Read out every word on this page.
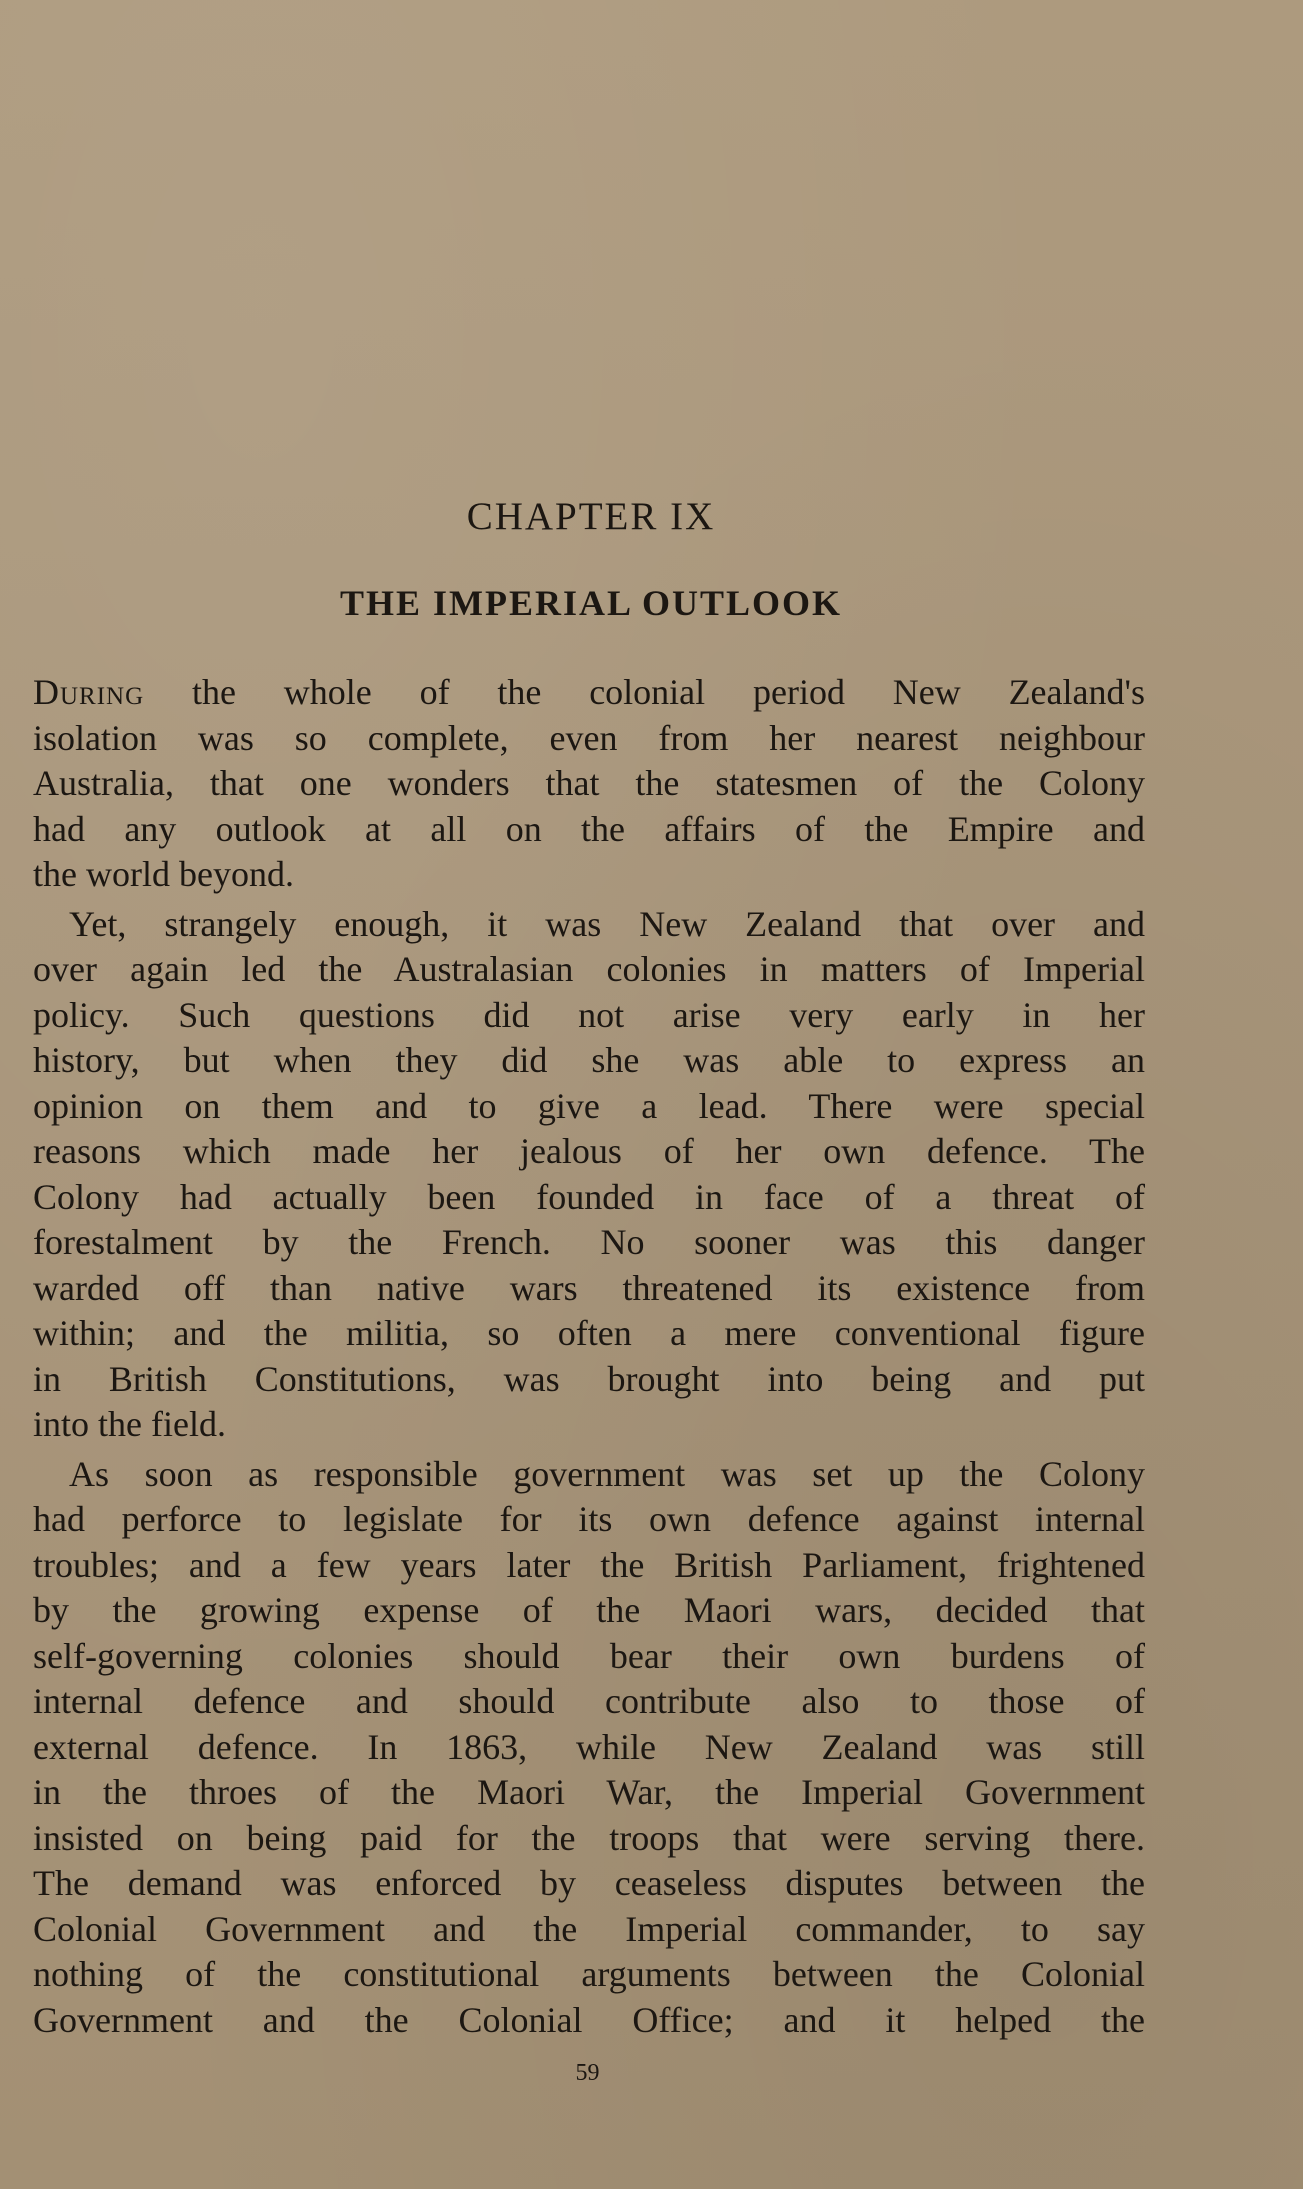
CHAPTER IX
THE IMPERIAL OUTLOOK

During the whole of the colonial period New Zealand's
isolation was so complete, even from her nearest neighbour
Australia, that one wonders that the statesmen of the Colony
had any outlook at all on the affairs of the Empire and
the world beyond.

Yet, strangely enough, it was New Zealand that over and
over again led the Australasian colonies in matters of Imperial
policy. Such questions did not arise very early in her
history, but when they did she was able to express an
opinion on them and to give a lead. There were special
reasons which made her jealous of her own defence. The
Colony had actually been founded in face of a threat of
forestalment by the French. No sooner was this danger
warded off than native wars threatened its existence from
within; and the militia, so often a mere conventional figure
in British Constitutions, was brought into being and put
into the field.

As soon as responsible government was set up the Colony
had perforce to legislate for its own defence against internal
troubles; and a few years later the British Parliament, frightened
by the growing expense of the Maori wars, decided that
self-governing colonies should bear their own burdens of
internal defence and should contribute also to those of
external defence. In 1863, while New Zealand was still
in the throes of the Maori War, the Imperial Government
insisted on being paid for the troops that were serving there.
The demand was enforced by ceaseless disputes between the
Colonial Government and the Imperial commander, to say
nothing of the constitutional arguments between the Colonial
Government and the Colonial Office; and it helped the

59
